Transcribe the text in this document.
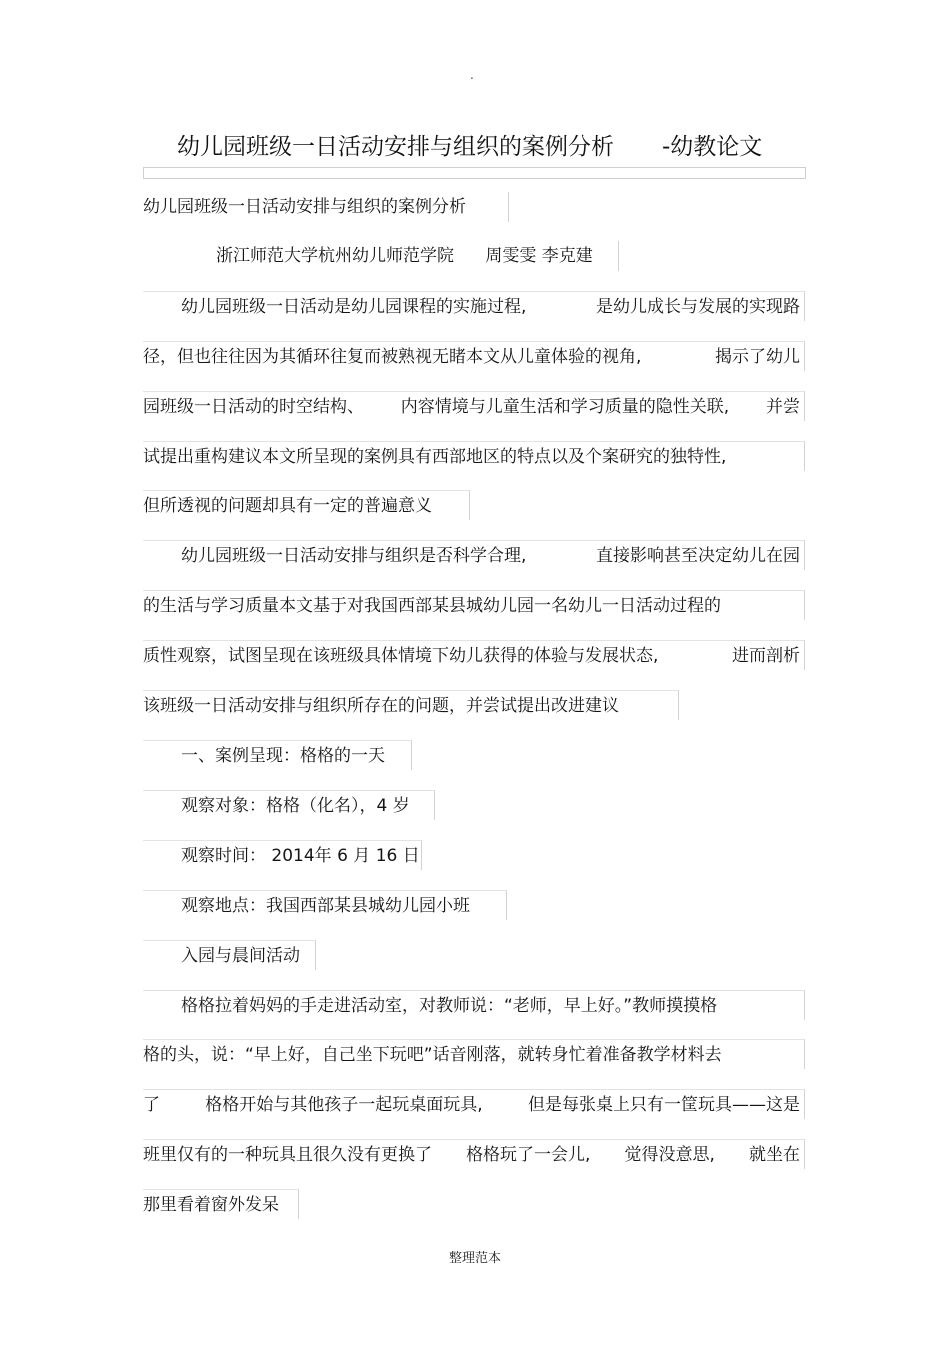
.
幼儿园班级一日活动安排与组织的案例分析 -幼教论文
幼儿园班级一日活动安排与组织的案例分析
浙江师范大学杭州幼儿师范学院 周雯雯 李克建
幼儿园班级一日活动是幼儿园课程的实施过程,	是幼儿成长与发展的实现路
径，但也往往因为其循环往复而被熟视无睹本文从儿童体验的视角,	揭示了幼儿
园班级一日活动的时空结构、 内容情境与儿童生活和学习质量的隐性关联, 并尝
试提出重构建议本文所呈现的案例具有西部地区的特点以及个案研究的独特性,
但所透视的问题却具有一定的普遍意义
幼儿园班级一日活动安排与组织是否科学合理,	直接影响甚至决定幼儿在园
的生活与学习质量本文基于对我国西部某县城幼儿园一名幼儿一日活动过程的
质性观察，试图呈现在该班级具体情境下幼儿获得的体验与发展状态,	进而剖析
该班级一日活动安排与组织所存在的问题，并尝试提出改进建议
一、案例呈现：格格的一天
观察对象：格格（化名），4 岁
观察时间： 2014年 6 月 16 日
观察地点：我国西部某县城幼儿园小班
入园与晨间活动
格格拉着妈妈的手走进活动室，对教师说：“老师，早上好。”教师摸摸格
格的头，说：“早上好，自己坐下玩吧”话音刚落，就转身忙着准备教学材料去
了	格格开始与其他孩子一起玩桌面玩具,	但是每张桌上只有一筐玩具——这是
班里仅有的一种玩具且很久没有更换了 格格玩了一会儿, 觉得没意思, 就坐在
那里看着窗外发呆
整理范本
